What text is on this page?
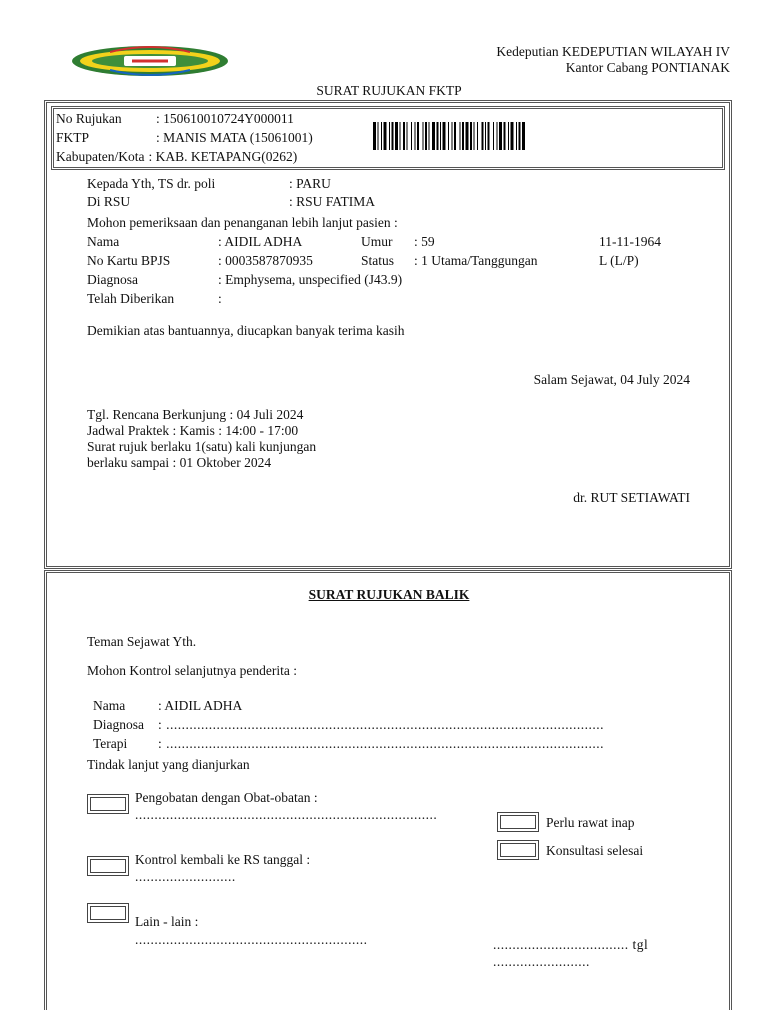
Kedeputian KEDEPUTIAN WILAYAH IV
Kantor Cabang PONTIANAK
SURAT RUJUKAN FKTP
No Rujukan	: 150610010724Y000011
FKTP	: MANIS MATA (15061001)
Kabupaten/Kota : KAB. KETAPANG(0262)
Kepada Yth, TS dr. poli	: PARU
Di RSU	: RSU FATIMA
Mohon pemeriksaan dan penanganan lebih lanjut pasien :
Nama	: AIDIL ADHA	Umur : 59	11-11-1964
No Kartu BPJS	: 0003587870935	Status : 1 Utama/Tanggungan	L (L/P)
Diagnosa	: Emphysema, unspecified (J43.9)
Telah Diberikan	:
Demikian atas bantuannya, diucapkan banyak terima kasih
Salam Sejawat, 04 July 2024
Tgl. Rencana Berkunjung : 04 Juli 2024
Jadwal Praktek : Kamis : 14:00 - 17:00
Surat rujuk berlaku 1(satu) kali kunjungan
berlaku sampai : 01 Oktober 2024
dr. RUT SETIAWATI
SURAT RUJUKAN BALIK
Teman Sejawat Yth.
Mohon Kontrol selanjutnya penderita :
Nama : AIDIL ADHA
Diagnosa : .................................................................................................................
Terapi : .................................................................................................................
Tindak lanjut yang dianjurkan
Pengobatan dengan Obat-obatan :
..............................................................................
Perlu rawat inap
Konsultasi selesai
Kontrol kembali ke RS tanggal :
..........................
Lain - lain :
............................................................	................................... tgl
.........................
